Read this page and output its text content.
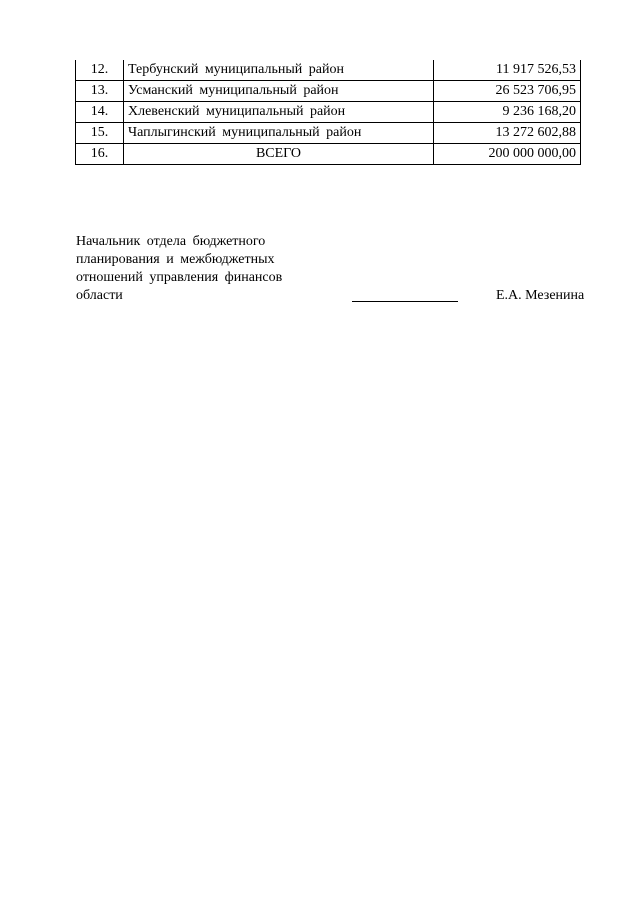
12.	Тербунский муниципальный район	11 917 526,53
13.	Усманский муниципальный район	26 523 706,95
14.	Хлевенский муниципальный район	9 236 168,20
15.	Чаплыгинский муниципальный район	13 272 602,88
16.	ВСЕГО	200 000 000,00
Начальник отдела бюджетного
планирования и межбюджетных
отношений управления финансов
области	Е.А. Мезенина
